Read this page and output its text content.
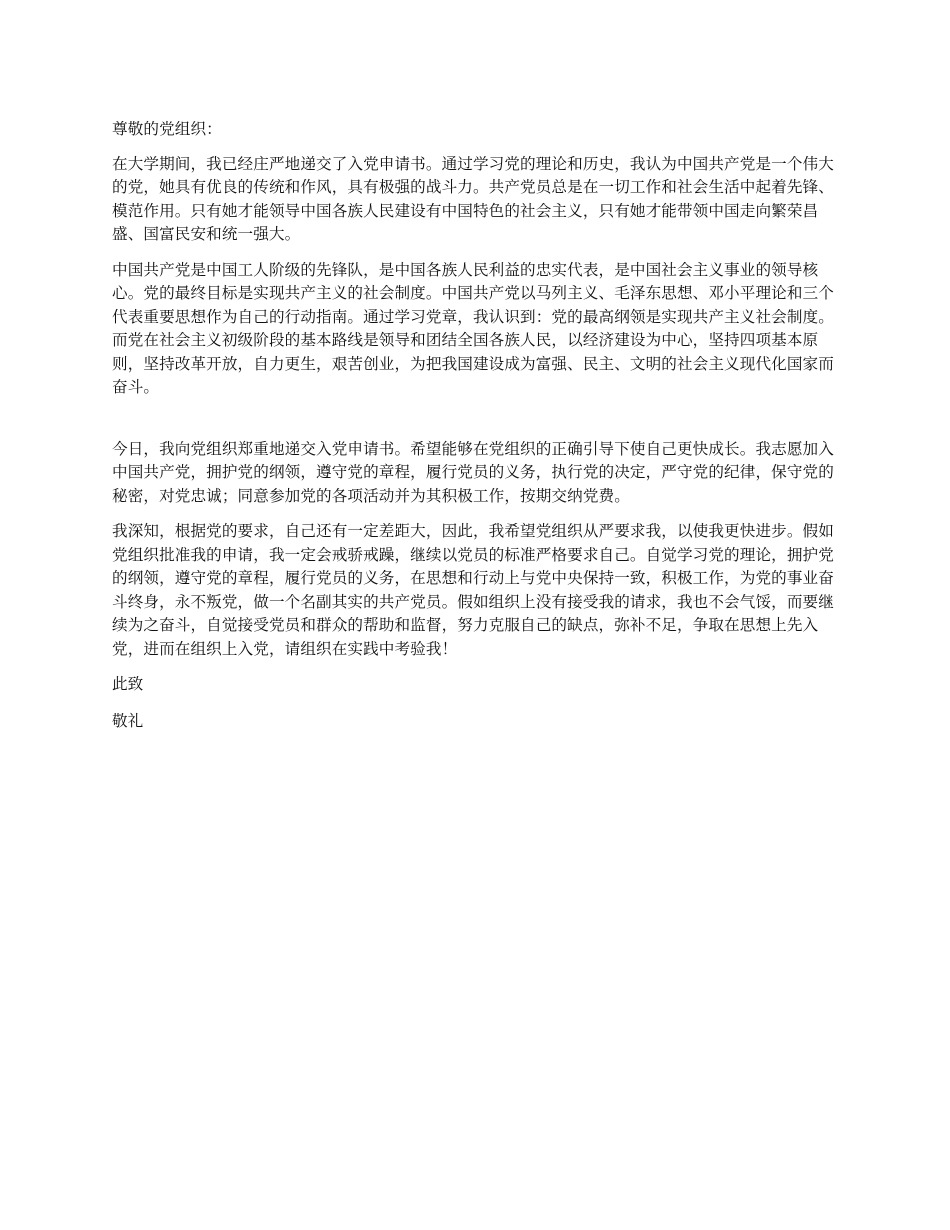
尊敬的党组织：

在大学期间，我已经庄严地递交了入党申请书。通过学习党的理论和历史，我认为中国共产党是一个伟大的党，她具有优良的传统和作风，具有极强的战斗力。共产党员总是在一切工作和社会生活中起着先锋、模范作用。只有她才能领导中国各族人民建设有中国特色的社会主义，只有她才能带领中国走向繁荣昌盛、国富民安和统一强大。

中国共产党是中国工人阶级的先锋队，是中国各族人民利益的忠实代表，是中国社会主义事业的领导核心。党的最终目标是实现共产主义的社会制度。中国共产党以马列主义、毛泽东思想、邓小平理论和三个代表重要思想作为自己的行动指南。通过学习党章，我认识到：党的最高纲领是实现共产主义社会制度。而党在社会主义初级阶段的基本路线是领导和团结全国各族人民，以经济建设为中心，坚持四项基本原则，坚持改革开放，自力更生，艰苦创业，为把我国建设成为富强、民主、文明的社会主义现代化国家而奋斗。

今日，我向党组织郑重地递交入党申请书。希望能够在党组织的正确引导下使自己更快成长。我志愿加入中国共产党，拥护党的纲领，遵守党的章程，履行党员的义务，执行党的决定，严守党的纪律，保守党的秘密，对党忠诚；同意参加党的各项活动并为其积极工作，按期交纳党费。

我深知，根据党的要求，自己还有一定差距大，因此，我希望党组织从严要求我，以使我更快进步。假如党组织批准我的申请，我一定会戒骄戒躁，继续以党员的标准严格要求自己。自觉学习党的理论，拥护党的纲领，遵守党的章程，履行党员的义务，在思想和行动上与党中央保持一致，积极工作，为党的事业奋斗终身，永不叛党，做一个名副其实的共产党员。假如组织上没有接受我的请求，我也不会气馁，而要继续为之奋斗，自觉接受党员和群众的帮助和监督，努力克服自己的缺点，弥补不足，争取在思想上先入党，进而在组织上入党，请组织在实践中考验我！

此致

敬礼
